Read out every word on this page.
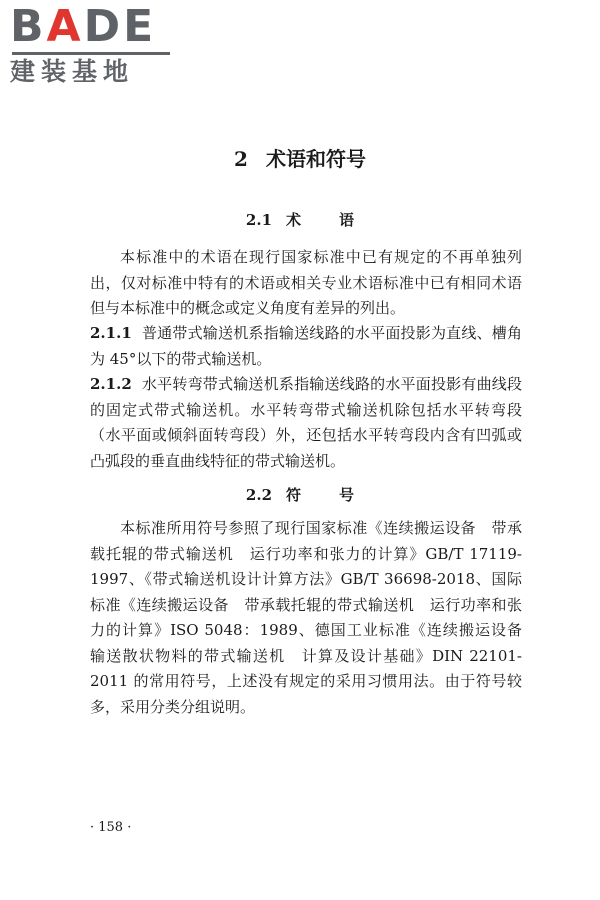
BADE
建装基地
2 术语和符号
2.1 术	语

本标准中的术语在现行国家标准中已有规定的不再单独列出，仅对标准中特有的术语或相关专业术语标准中已有相同术语但与本标准中的概念或定义角度有差异的列出。

2.1.1 普通带式输送机系指输送线路的水平面投影为直线、槽角为 45°以下的带式输送机。

2.1.2 水平转弯带式输送机系指输送线路的水平面投影有曲线段的固定式带式输送机。水平转弯带式输送机除包括水平转弯段（水平面或倾斜面转弯段）外，还包括水平转弯段内含有凹弧或凸弧段的垂直曲线特征的带式输送机。

2.2 符	号

本标准所用符号参照了现行国家标准《连续搬运设备　带承载托辊的带式输送机　运行功率和张力的计算》GB/T 17119-1997、《带式输送机设计计算方法》GB/T 36698-2018、国际标准《连续搬运设备　带承载托辊的带式输送机　运行功率和张力的计算》ISO 5048：1989、德国工业标准《连续搬运设备　输送散状物料的带式输送机　计算及设计基础》DIN 22101-2011 的常用符号，上述没有规定的采用习惯用法。由于符号较多，采用分类分组说明。

· 158 ·
